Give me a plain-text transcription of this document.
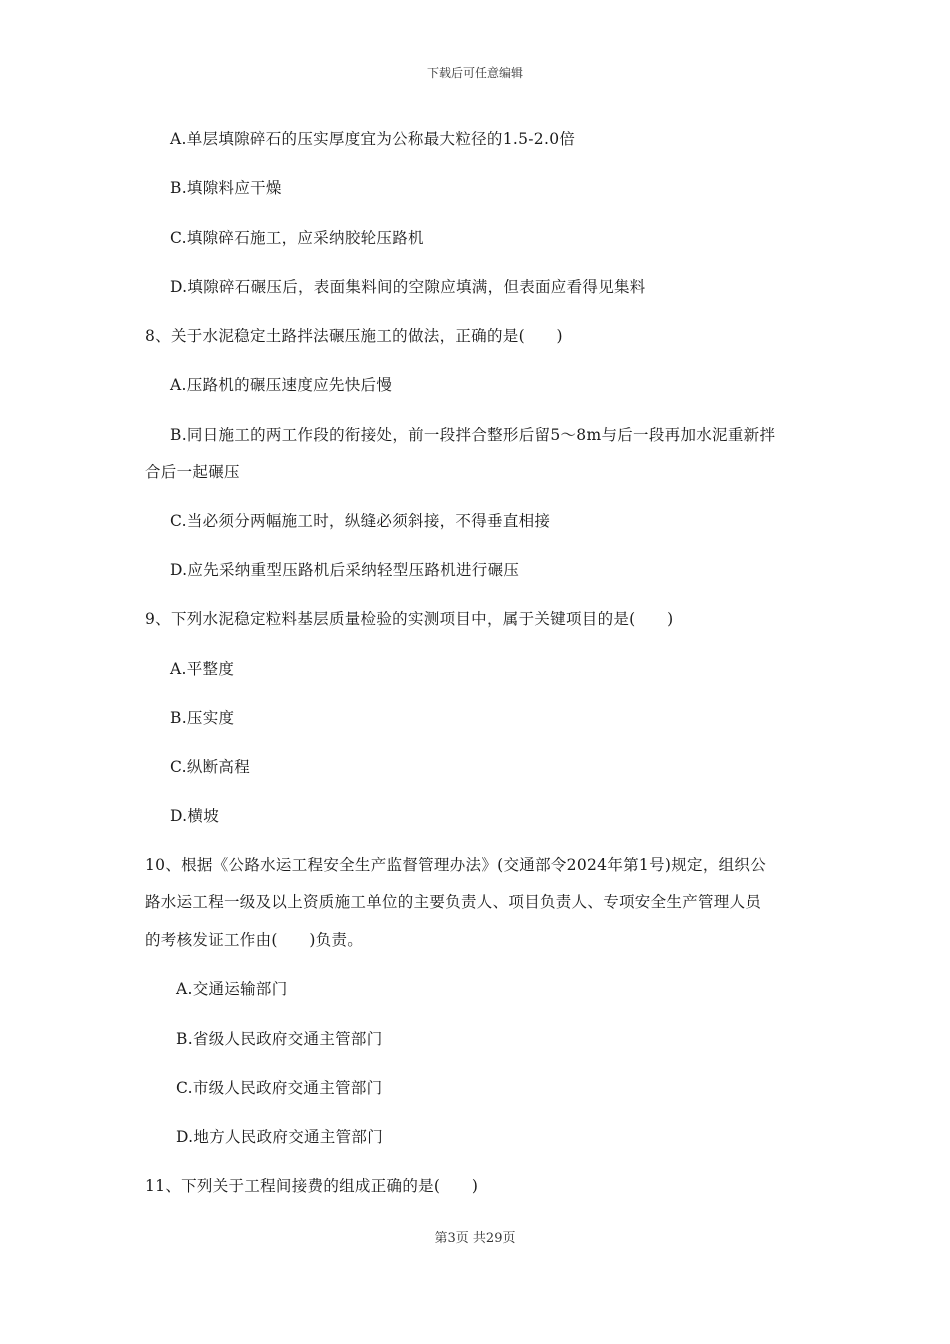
下载后可任意编辑
A.单层填隙碎石的压实厚度宜为公称最大粒径的1.5-2.0倍
B.填隙料应干燥
C.填隙碎石施工，应采纳胶轮压路机
D.填隙碎石碾压后，表面集料间的空隙应填满，但表面应看得见集料
8、关于水泥稳定土路拌法碾压施工的做法，正确的是(　　)
A.压路机的碾压速度应先快后慢
B.同日施工的两工作段的衔接处，前一段拌合整形后留5～8m与后一段再加水泥重新拌
合后一起碾压
C.当必须分两幅施工时，纵缝必须斜接，不得垂直相接
D.应先采纳重型压路机后采纳轻型压路机进行碾压
9、下列水泥稳定粒料基层质量检验的实测项目中，属于关键项目的是(　　)
A.平整度
B.压实度
C.纵断高程
D.横坡
10、根据《公路水运工程安全生产监督管理办法》(交通部令2024年第1号)规定，组织公
路水运工程一级及以上资质施工单位的主要负责人、项目负责人、专项安全生产管理人员
的考核发证工作由(　　)负责。
A.交通运输部门
B.省级人民政府交通主管部门
C.市级人民政府交通主管部门
D.地方人民政府交通主管部门
11、下列关于工程间接费的组成正确的是(　　)
第3页 共29页
